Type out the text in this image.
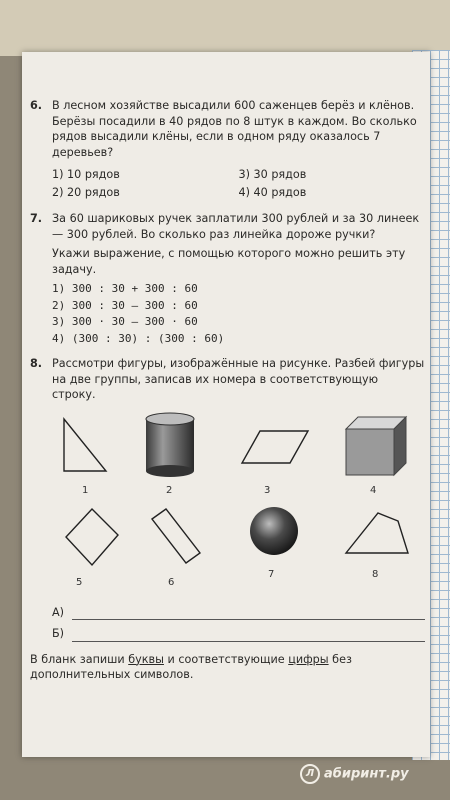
6. В лесном хозяйстве высадили 600 саженцев берёз и клёнов. Берёзы посадили в 40 рядов по 8 штук в каждом. Во сколько рядов высадили клёны, если в одном ряду оказалось 7 деревьев?
1) 10 рядов	3) 30 рядов
2) 20 рядов	4) 40 рядов
7. За 60 шариковых ручек заплатили 300 рублей и за 30 линеек — 300 рублей. Во сколько раз линейка дороже ручки?
Укажи выражение, с помощью которого можно решить эту задачу.
1) 300 : 30 + 300 : 60
2) 300 : 30 – 300 : 60
3) 300 · 30 – 300 · 60
4) (300 : 30) : (300 : 60)
8. Рассмотри фигуры, изображённые на рисунке. Разбей фигуры на две группы, записав их номера в соответствующую строку.
1	2	3	4
5	6
7	8
А)
Б)
В бланк запиши буквы и соответствующие цифры без дополнительных символов.
Л абиринт.ру
